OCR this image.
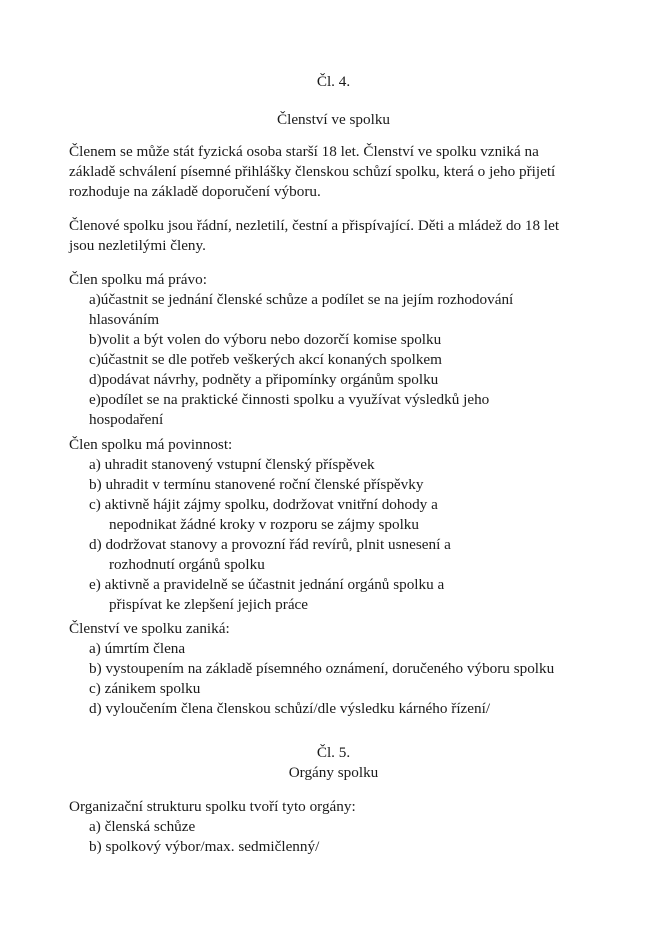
Čl. 4.
Členství ve spolku

Členem se může stát fyzická osoba starší 18 let. Členství ve spolku vzniká na

základě schválení písemné přihlášky členskou schůzí spolku, která o jeho přijetí

rozhoduje na základě doporučení výboru.

Členové spolku jsou řádní, nezletilí, čestní a přispívající. Děti a mládež do 18 let

jsou nezletilými členy.

Člen spolku má právo:

a)účastnit se jednání členské schůze a podílet se na jejím rozhodování
hlasováním
b)volit a být volen do výboru nebo dozorčí komise spolku
c)účastnit se dle potřeb veškerých akcí konaných spolkem
d)podávat návrhy, podněty a připomínky orgánům spolku
e)podílet se na praktické činnosti spolku a využívat výsledků jeho
hospodaření

Člen spolku má povinnost:

a) uhradit stanovený vstupní členský příspěvek
b) uhradit v termínu stanovené roční členské příspěvky
c) aktivně hájit zájmy spolku, dodržovat vnitřní dohody a
nepodnikat žádné kroky v rozporu se zájmy spolku
d) dodržovat stanovy a provozní řád revírů, plnit usnesení a
rozhodnutí orgánů spolku
e) aktivně a pravidelně se účastnit jednání orgánů spolku a
přispívat ke zlepšení jejich práce

Členství ve spolku zaniká:

a) úmrtím člena
b) vystoupením na základě písemného oznámení, doručeného výboru spolku
c) zánikem spolku
d) vyloučením člena členskou schůzí/dle výsledku kárného řízení/
Čl. 5.
Orgány spolku

Organizační strukturu spolku tvoří tyto orgány:

a) členská schůze
b) spolkový výbor/max. sedmičlenný/
